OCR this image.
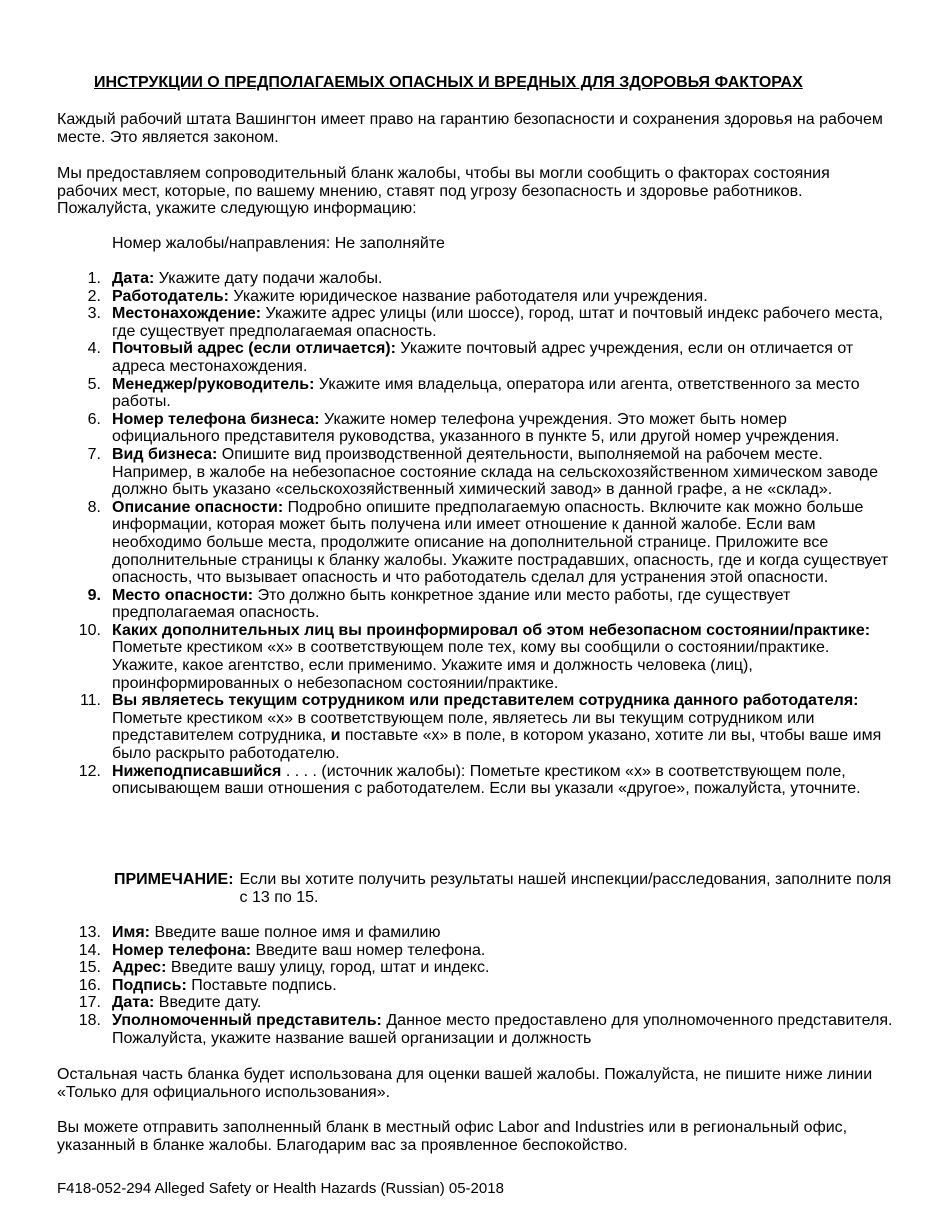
ИНСТРУКЦИИ О ПРЕДПОЛАГАЕМЫХ ОПАСНЫХ И ВРЕДНЫХ ДЛЯ ЗДОРОВЬЯ ФАКТОРАХ

Каждый рабочий штата Вашингтон имеет право на гарантию безопасности и сохранения здоровья на рабочем месте. Это является законом.

Мы предоставляем сопроводительный бланк жалобы, чтобы вы могли сообщить о факторах состояния рабочих мест, которые, по вашему мнению, ставят под угрозу безопасность и здоровье работников. Пожалуйста, укажите следующую информацию:

Номер жалобы/направления: Не заполняйте
1. Дата: Укажите дату подачи жалобы.
2. Работодатель: Укажите юридическое название работодателя или учреждения.
3. Местонахождение: Укажите адрес улицы (или шоссе), город, штат и почтовый индекс рабочего места, где существует предполагаемая опасность.
4. Почтовый адрес (если отличается): Укажите почтовый адрес учреждения, если он отличается от адреса местонахождения.
5. Менеджер/руководитель: Укажите имя владельца, оператора или агента, ответственного за место работы.
6. Номер телефона бизнеса: Укажите номер телефона учреждения. Это может быть номер официального представителя руководства, указанного в пункте 5, или другой номер учреждения.
7. Вид бизнеса: Опишите вид производственной деятельности, выполняемой на рабочем месте. Например, в жалобе на небезопасное состояние склада на сельскохозяйственном химическом заводе должно быть указано «сельскохозяйственный химический завод» в данной графе, а не «склад».
8. Описание опасности: Подробно опишите предполагаемую опасность. Включите как можно больше информации, которая может быть получена или имеет отношение к данной жалобе. Если вам необходимо больше места, продолжите описание на дополнительной странице. Приложите все дополнительные страницы к бланку жалобы. Укажите пострадавших, опасность, где и когда существует опасность, что вызывает опасность и что работодатель сделал для устранения этой опасности.
9. Место опасности: Это должно быть конкретное здание или место работы, где существует предполагаемая опасность.
10. Каких дополнительных лиц вы проинформировал об этом небезопасном состоянии/практике: Пометьте крестиком «x» в соответствующем поле тех, кому вы сообщили о состоянии/практике. Укажите, какое агентство, если применимо. Укажите имя и должность человека (лиц), проинформированных о небезопасном состоянии/практике.
11. Вы являетесь текущим сотрудником или представителем сотрудника данного работодателя: Пометьте крестиком «x» в соответствующем поле, являетесь ли вы текущим сотрудником или представителем сотрудника, и поставьте «x» в поле, в котором указано, хотите ли вы, чтобы ваше имя было раскрыто работодателю.
12. Нижеподписавшийся . . . . (источник жалобы): Пометьте крестиком «x» в соответствующем поле, описывающем ваши отношения с работодателем. Если вы указали «другое», пожалуйста, уточните.
ПРИМЕЧАНИЕ: Если вы хотите получить результаты нашей инспекции/расследования, заполните поля с 13 по 15.
13. Имя: Введите ваше полное имя и фамилию
14. Номер телефона: Введите ваш номер телефона.
15. Адрес: Введите вашу улицу, город, штат и индекс.
16. Подпись: Поставьте подпись.
17. Дата: Введите дату.
18. Уполномоченный представитель: Данное место предоставлено для уполномоченного представителя. Пожалуйста, укажите название вашей организации и должность

Остальная часть бланка будет использована для оценки вашей жалобы. Пожалуйста, не пишите ниже линии «Только для официального использования».

Вы можете отправить заполненный бланк в местный офис Labor and Industries или в региональный офис, указанный в бланке жалобы. Благодарим вас за проявленное беспокойство.

F418-052-294 Alleged Safety or Health Hazards (Russian) 05-2018
